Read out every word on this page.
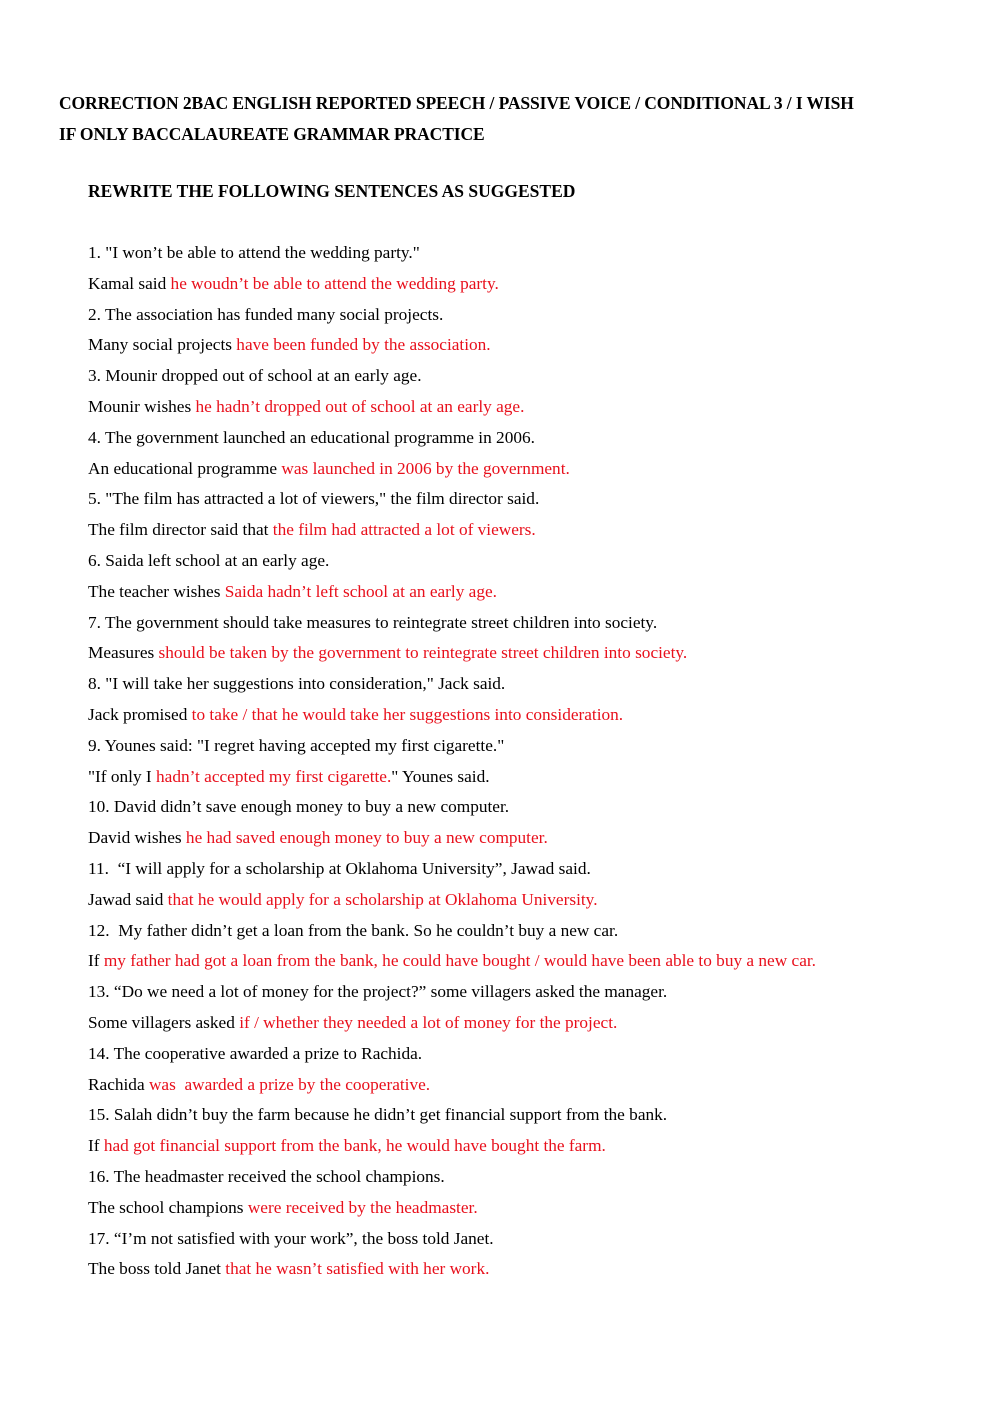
CORRECTION 2BAC ENGLISH REPORTED SPEECH / PASSIVE VOICE / CONDITIONAL 3 / I WISH
IF ONLY BACCALAUREATE GRAMMAR PRACTICE
REWRITE THE FOLLOWING SENTENCES AS SUGGESTED
1. "I won’t be able to attend the wedding party."
Kamal said he woudn’t be able to attend the wedding party.
2. The association has funded many social projects.
Many social projects have been funded by the association.
3. Mounir dropped out of school at an early age.
Mounir wishes he hadn’t dropped out of school at an early age.
4. The government launched an educational programme in 2006.
An educational programme was launched in 2006 by the government.
5. "The film has attracted a lot of viewers," the film director said.
The film director said that the film had attracted a lot of viewers.
6. Saida left school at an early age.
The teacher wishes Saida hadn’t left school at an early age.
7. The government should take measures to reintegrate street children into society.
Measures should be taken by the government to reintegrate street children into society.
8. "I will take her suggestions into consideration," Jack said.
Jack promised to take / that he would take her suggestions into consideration.
9. Younes said: "I regret having accepted my first cigarette."
"If only I hadn’t accepted my first cigarette." Younes said.
10. David didn’t save enough money to buy a new computer.
David wishes he had saved enough money to buy a new computer.
11.  “I will apply for a scholarship at Oklahoma University”, Jawad said.
Jawad said that he would apply for a scholarship at Oklahoma University.
12.  My father didn’t get a loan from the bank. So he couldn’t buy a new car.
If my father had got a loan from the bank, he could have bought / would have been able to buy a new car.
13. “Do we need a lot of money for the project?” some villagers asked the manager.
Some villagers asked if / whether they needed a lot of money for the project.
14. The cooperative awarded a prize to Rachida.
Rachida was  awarded a prize by the cooperative.
15. Salah didn’t buy the farm because he didn’t get financial support from the bank.
If had got financial support from the bank, he would have bought the farm.
16. The headmaster received the school champions.
The school champions were received by the headmaster.
17. “I’m not satisfied with your work”, the boss told Janet.
The boss told Janet that he wasn’t satisfied with her work.
